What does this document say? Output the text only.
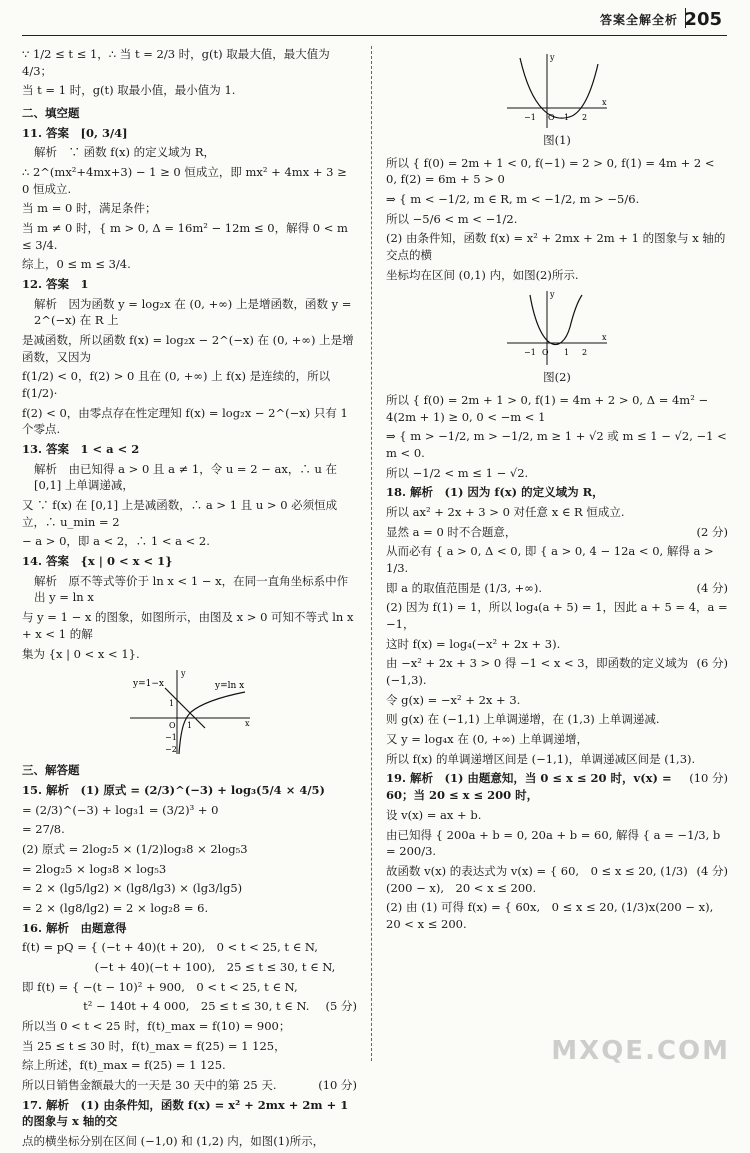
答案全解全析 205
∵ 1/2 ≤ t ≤ 1，∴ 当 t = 2/3 时，g(t) 取最大值，最大值为 4/3；
当 t = 1 时，g(t) 取最小值，最小值为 1.
二、填空题
11. 答案　[0, 3/4]
解析　∵ 函数 f(x) 的定义域为 R，
∴ 2^(mx²+4mx+3) − 1 ≥ 0 恒成立，即 mx² + 4mx + 3 ≥ 0 恒成立.
当 m = 0 时，满足条件；
当 m ≠ 0 时，{ m > 0, Δ = 16m² − 12m ≤ 0，解得 0 < m ≤ 3/4.
综上，0 ≤ m ≤ 3/4.
12. 答案　1
解析　因为函数 y = log₂x 在 (0, +∞) 上是增函数，函数 y = 2^(−x) 在 R 上
是减函数，所以函数 f(x) = log₂x − 2^(−x) 在 (0, +∞) 上是增函数，又因为
f(1/2) < 0，f(2) > 0 且在 (0, +∞) 上 f(x) 是连续的，所以 f(1/2)·
f(2) < 0，由零点存在性定理知 f(x) = log₂x − 2^(−x) 只有 1 个零点.
13. 答案　1 < a < 2
解析　由已知得 a > 0 且 a ≠ 1，令 u = 2 − ax，∴ u 在 [0,1] 上单调递减，
又 ∵ f(x) 在 [0,1] 上是减函数，∴ a > 1 且 u > 0 必须恒成立，∴ u_min = 2
− a > 0，即 a < 2，∴ 1 < a < 2.
14. 答案　{x | 0 < x < 1}
解析　原不等式等价于 ln x < 1 − x，在同一直角坐标系中作出 y = ln x
与 y = 1 − x 的图象，如图所示，由图及 x > 0 可知不等式 ln x + x < 1 的解
集为 {x | 0 < x < 1}.
y=1−x	y=ln x
O	x
y
1
1
−1
−2
三、解答题
15. 解析　(1) 原式 = (2/3)^(−3) + log₃(5/4 × 4/5)
= (2/3)^(−3) + log₃1 = (3/2)³ + 0
= 27/8.
(2) 原式 = 2log₂5 × (1/2)log₃8 × 2log₅3
= 2log₂5 × log₃8 × log₅3
= 2 × (lg5/lg2) × (lg8/lg3) × (lg3/lg5)
= 2 × (lg8/lg2) = 2 × log₂8 = 6.
16. 解析　由题意得
f(t) = pQ = { (−t + 40)(t + 20),　0 < t < 25, t ∈ N,
　　　　　　 (−t + 40)(−t + 100),　25 ≤ t ≤ 30, t ∈ N,
即 f(t) = { −(t − 10)² + 900,　0 < t < 25, t ∈ N,
(5 分)
　　　　　 t² − 140t + 4 000,　25 ≤ t ≤ 30, t ∈ N.
所以当 0 < t < 25 时，f(t)_max = f(10) = 900；
当 25 ≤ t ≤ 30 时，f(t)_max = f(25) = 1 125，
综上所述，f(t)_max = f(25) = 1 125.
(10 分)
所以日销售金额最大的一天是 30 天中的第 25 天.
17. 解析　(1) 由条件知，函数 f(x) = x² + 2mx + 2m + 1 的图象与 x 轴的交
点的横坐标分别在区间 (−1,0) 和 (1,2) 内，如图(1)所示，
x
y
O
−1	1 2
图(1)
所以 { f(0) = 2m + 1 < 0, f(−1) = 2 > 0, f(1) = 4m + 2 < 0, f(2) = 6m + 5 > 0
⇒ { m < −1/2, m ∈ R, m < −1/2, m > −5/6.
所以 −5/6 < m < −1/2.
(2) 由条件知，函数 f(x) = x² + 2mx + 2m + 1 的图象与 x 轴的交点的横
坐标均在区间 (0,1) 内，如图(2)所示.
x
y
O
−1	1 2
图(2)
所以 { f(0) = 2m + 1 > 0, f(1) = 4m + 2 > 0, Δ = 4m² − 4(2m + 1) ≥ 0, 0 < −m < 1
⇒ { m > −1/2, m > −1/2, m ≥ 1 + √2 或 m ≤ 1 − √2, −1 < m < 0.
所以 −1/2 < m ≤ 1 − √2.
18. 解析　(1) 因为 f(x) 的定义域为 R，
所以 ax² + 2x + 3 > 0 对任意 x ∈ R 恒成立.
(2 分)
显然 a = 0 时不合题意，
从而必有 { a > 0, Δ < 0, 即 { a > 0, 4 − 12a < 0, 解得 a > 1/3.
(4 分)
即 a 的取值范围是 (1/3, +∞).
(2) 因为 f(1) = 1，所以 log₄(a + 5) = 1，因此 a + 5 = 4，a = −1，
这时 f(x) = log₄(−x² + 2x + 3).
(6 分)
由 −x² + 2x + 3 > 0 得 −1 < x < 3，即函数的定义域为 (−1,3).
令 g(x) = −x² + 2x + 3.
则 g(x) 在 (−1,1) 上单调递增，在 (1,3) 上单调递减.
又 y = log₄x 在 (0, +∞) 上单调递增，
所以 f(x) 的单调递增区间是 (−1,1)，单调递减区间是 (1,3).
(10 分)
19. 解析　(1) 由题意知，当 0 ≤ x ≤ 20 时，v(x) = 60；当 20 ≤ x ≤ 200 时，
设 v(x) = ax + b.
由已知得 { 200a + b = 0, 20a + b = 60, 解得 { a = −1/3, b = 200/3.
(4 分)
故函数 v(x) 的表达式为 v(x) = { 60,　0 ≤ x ≤ 20, (1/3)(200 − x),　20 < x ≤ 200.
(2) 由 (1) 可得 f(x) = { 60x,　0 ≤ x ≤ 20, (1/3)x(200 − x),　20 < x ≤ 200.
MXQE.COM
